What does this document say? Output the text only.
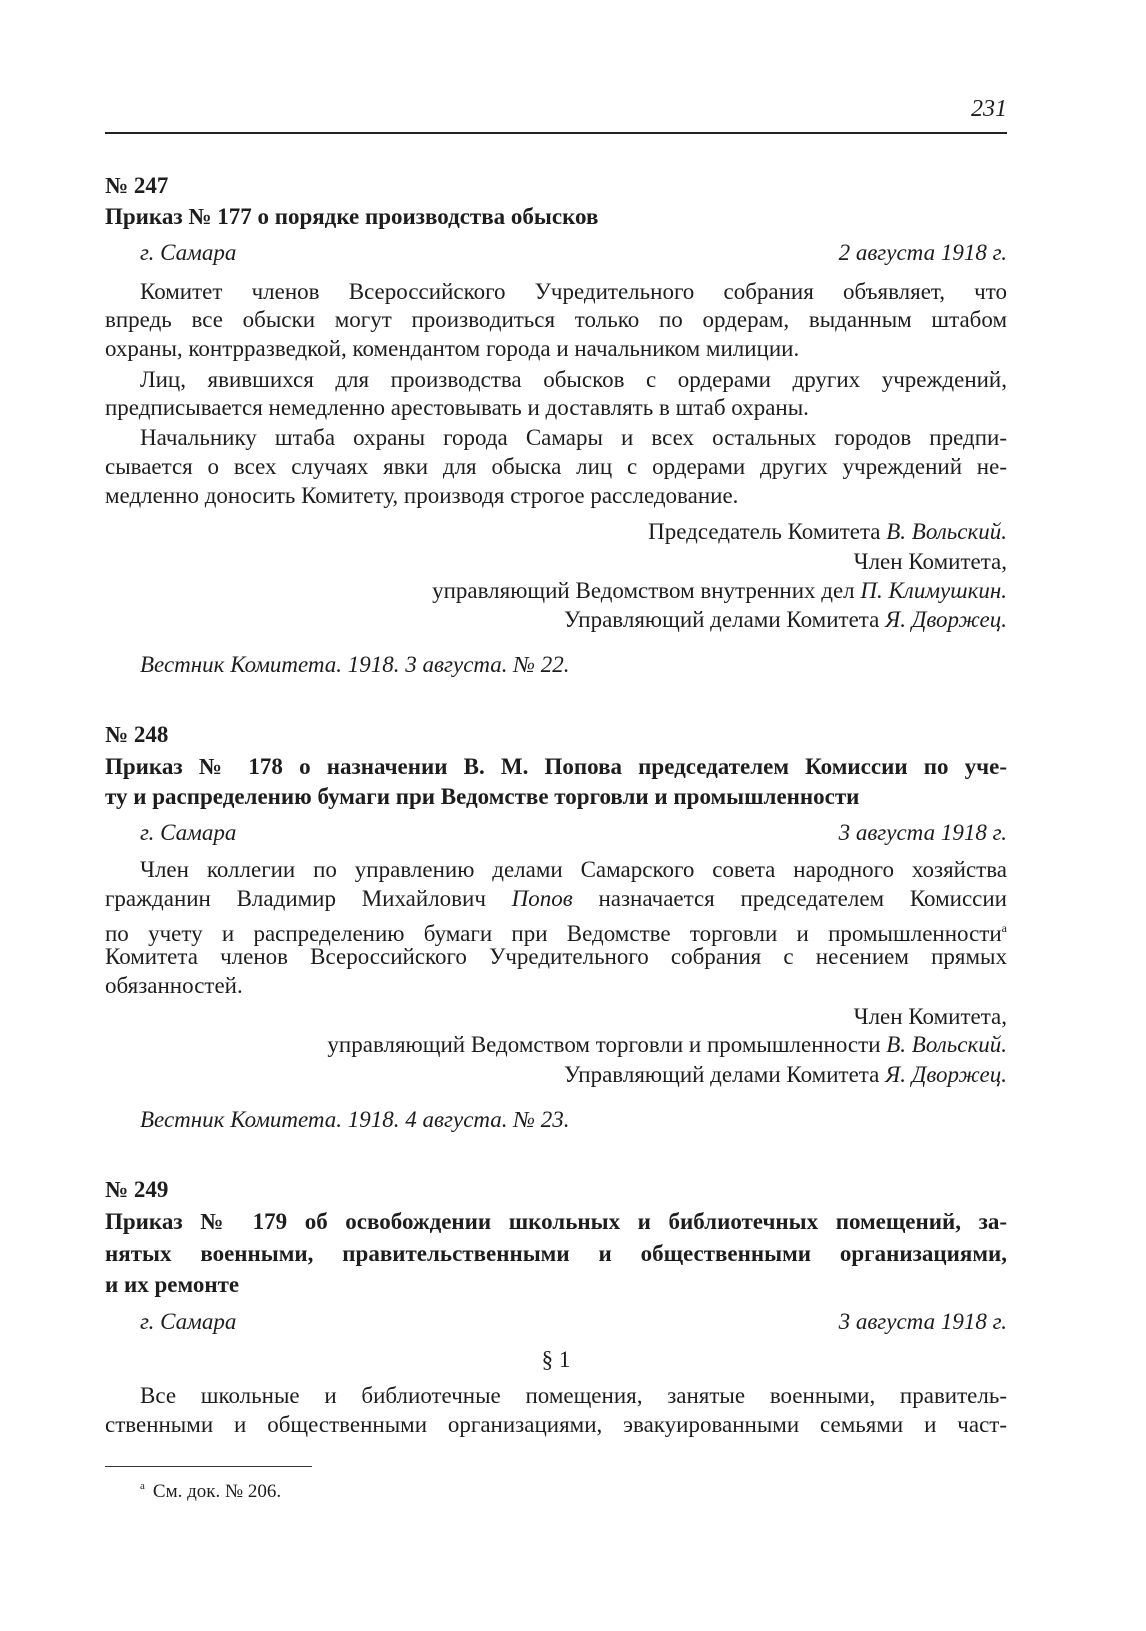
231
№ 247
Приказ № 177 о порядке производства обысков
г. Самара	2 августа 1918 г.
Комитет членов Всероссийского Учредительного собрания объявляет, что
впредь все обыски могут производиться только по ордерам, выданным штабом
охраны, контрразведкой, комендантом города и начальником милиции.
Лиц, явившихся для производства обысков с ордерами других учреждений,
предписывается немедленно арестовывать и доставлять в штаб охраны.
Начальнику штаба охраны города Самары и всех остальных городов предпи-
сывается о всех случаях явки для обыска лиц с ордерами других учреждений не-
медленно доносить Комитету, производя строгое расследование.
Председатель Комитета В. Вольский.
Член Комитета,
управляющий Ведомством внутренних дел П. Климушкин.
Управляющий делами Комитета Я. Дворжец.
Вестник Комитета. 1918. 3 августа. № 22.
№ 248
Приказ № 178 о назначении В. М. Попова председателем Комиссии по уче-
ту и распределению бумаги при Ведомстве торговли и промышленности
г. Самара	3 августа 1918 г.
Член коллегии по управлению делами Самарского совета народного хозяйства
гражданин Владимир Михайлович Попов назначается председателем Комиссии
по учету и распределению бумаги при Ведомстве торговли и промышленности$^а$
Комитета членов Всероссийского Учредительного собрания с несением прямых
обязанностей.
Член Комитета,
управляющий Ведомством торговли и промышленности В. Вольский.
Управляющий делами Комитета Я. Дворжец.
Вестник Комитета. 1918. 4 августа. № 23.
№ 249
Приказ № 179 об освобождении школьных и библиотечных помещений, за-
нятых военными, правительственными и общественными организациями,
и их ремонте
г. Самара	3 августа 1918 г.
§ 1
Все школьные и библиотечные помещения, занятые военными, правитель-
ственными и общественными организациями, эвакуированными семьями и част-
$^а$ См. док. № 206.
